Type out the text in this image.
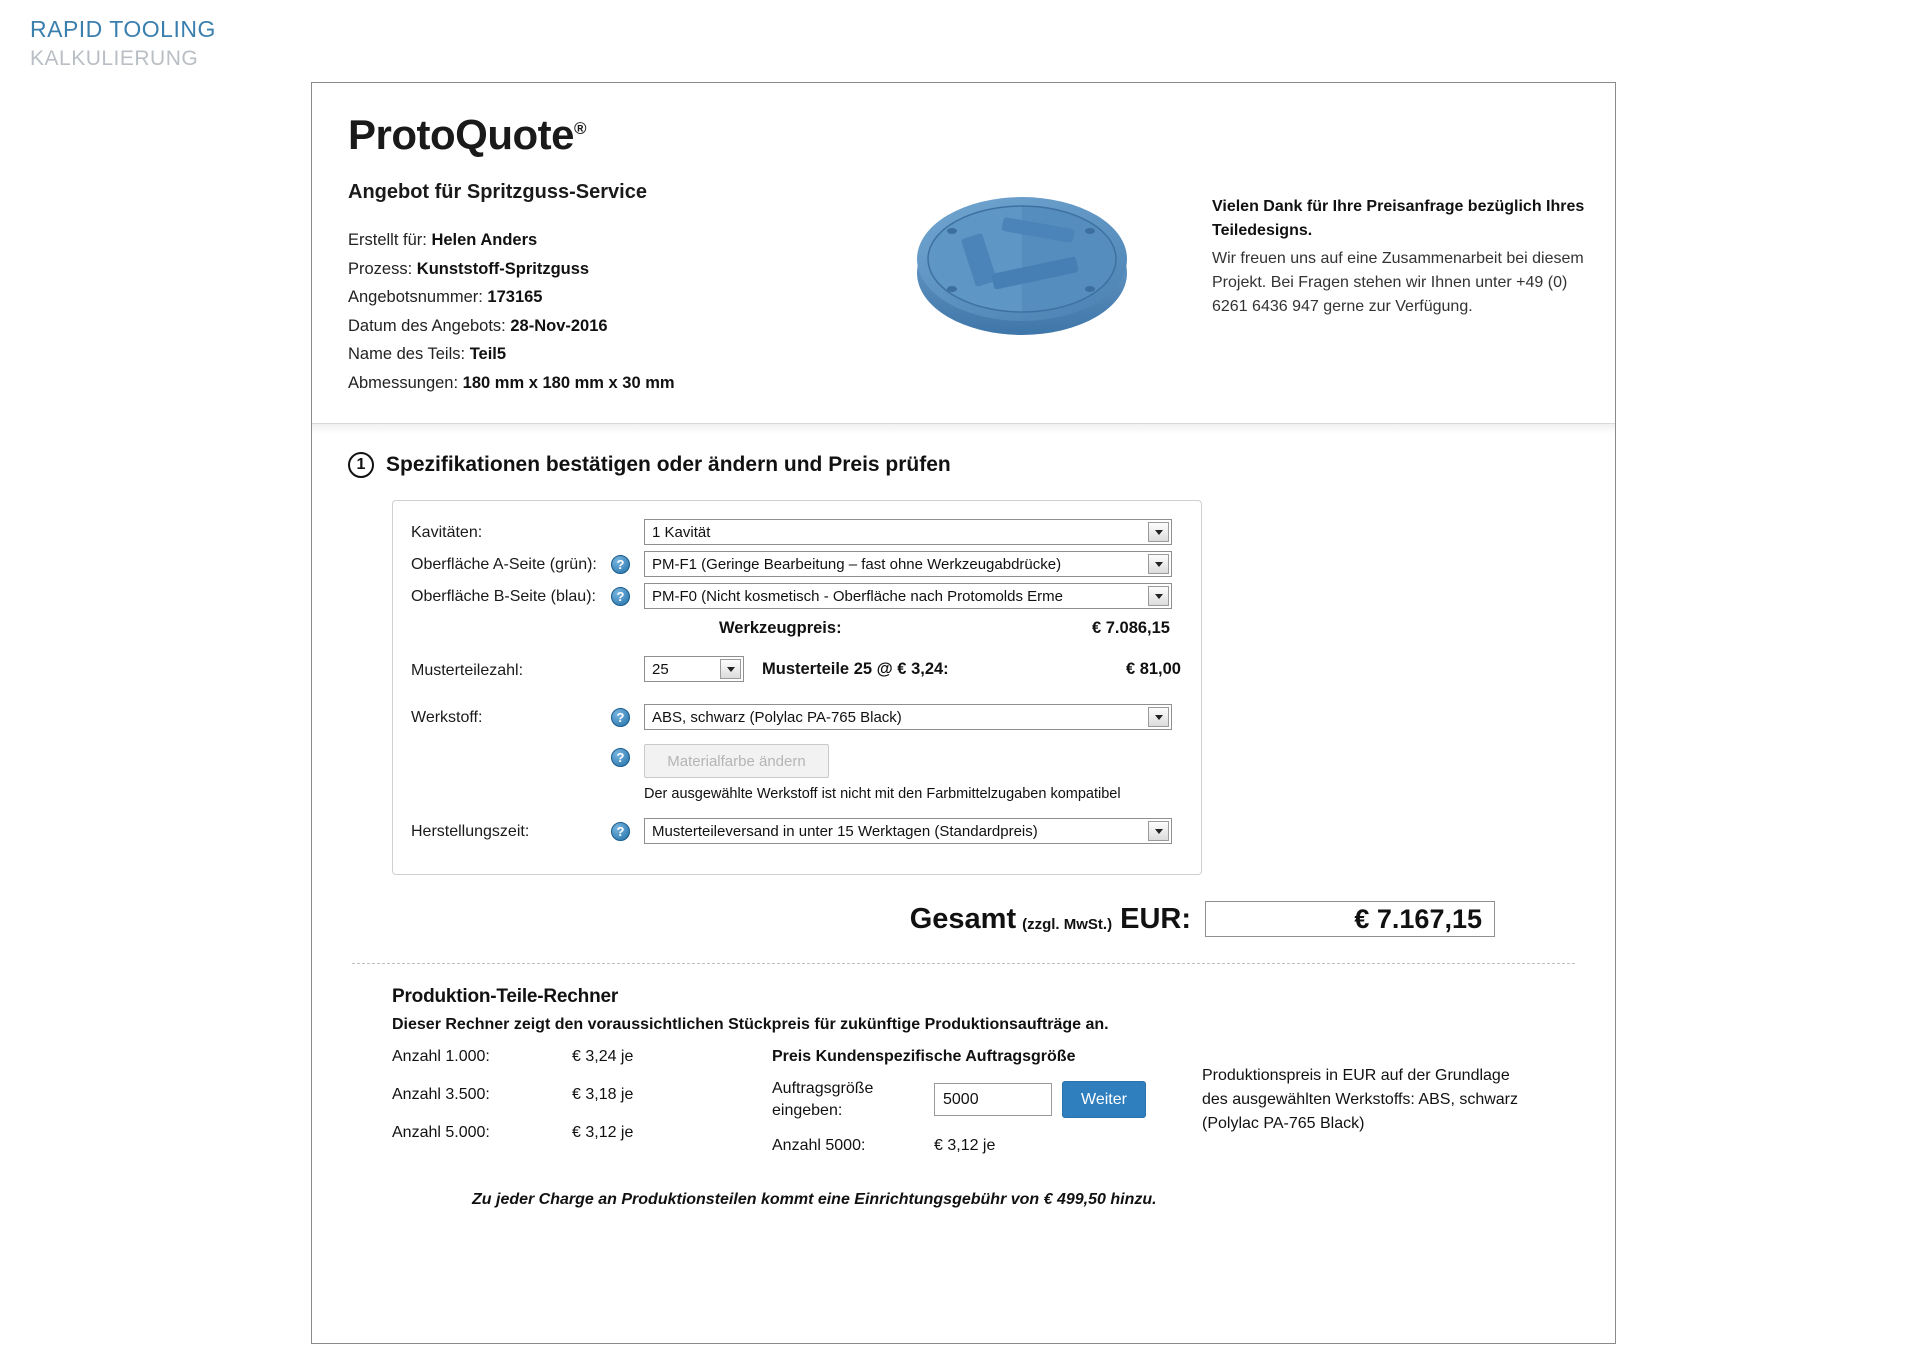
RAPID TOOLING
KALKULIERUNG
ProtoQuote®
Angebot für Spritzguss-Service
Erstellt für: Helen Anders
Prozess: Kunststoff-Spritzguss
Angebotsnummer: 173165
Datum des Angebots: 28-Nov-2016
Name des Teils: Teil5
Abmessungen: 180 mm x 180 mm x 30 mm
Vielen Dank für Ihre Preisanfrage bezüglich Ihres Teiledesigns.
Wir freuen uns auf eine Zusammenarbeit bei diesem Projekt. Bei Fragen stehen wir Ihnen unter +49 (0) 6261 6436 947 gerne zur Verfügung.
1 Spezifikationen bestätigen oder ändern und Preis prüfen
Kavitäten:	1 Kavität
Oberfläche A-Seite (grün):	?	PM-F1 (Geringe Bearbeitung – fast ohne Werkzeugabdrücke)
Oberfläche B-Seite (blau):	?	PM-F0 (Nicht kosmetisch - Oberfläche nach Protomolds Erme
Werkzeugpreis:	€ 7.086,15
Musterteilezahl:	25	Musterteile 25 @ € 3,24:	€ 81,00
Werkstoff:	?	ABS, schwarz (Polylac PA-765 Black)
?	Materialfarbe ändern
Der ausgewählte Werkstoff ist nicht mit den Farbmittelzugaben kompatibel
Herstellungszeit:	?	Musterteileversand in unter 15 Werktagen (Standardpreis)
Gesamt (zzgl. MwSt.) EUR:	€ 7.167,15
Produktion-Teile-Rechner
Dieser Rechner zeigt den voraussichtlichen Stückpreis für zukünftige Produktionsaufträge an.
Anzahl 1.000:	€ 3,24 je
Anzahl 3.500:	€ 3,18 je
Anzahl 5.000:	€ 3,12 je
Preis Kundenspezifische Auftragsgröße
Auftragsgröße eingeben:
5000	Weiter
Anzahl 5000:	€ 3,12 je
Produktionspreis in EUR auf der Grundlage des ausgewählten Werkstoffs: ABS, schwarz (Polylac PA-765 Black)
Zu jeder Charge an Produktionsteilen kommt eine Einrichtungsgebühr von € 499,50 hinzu.
